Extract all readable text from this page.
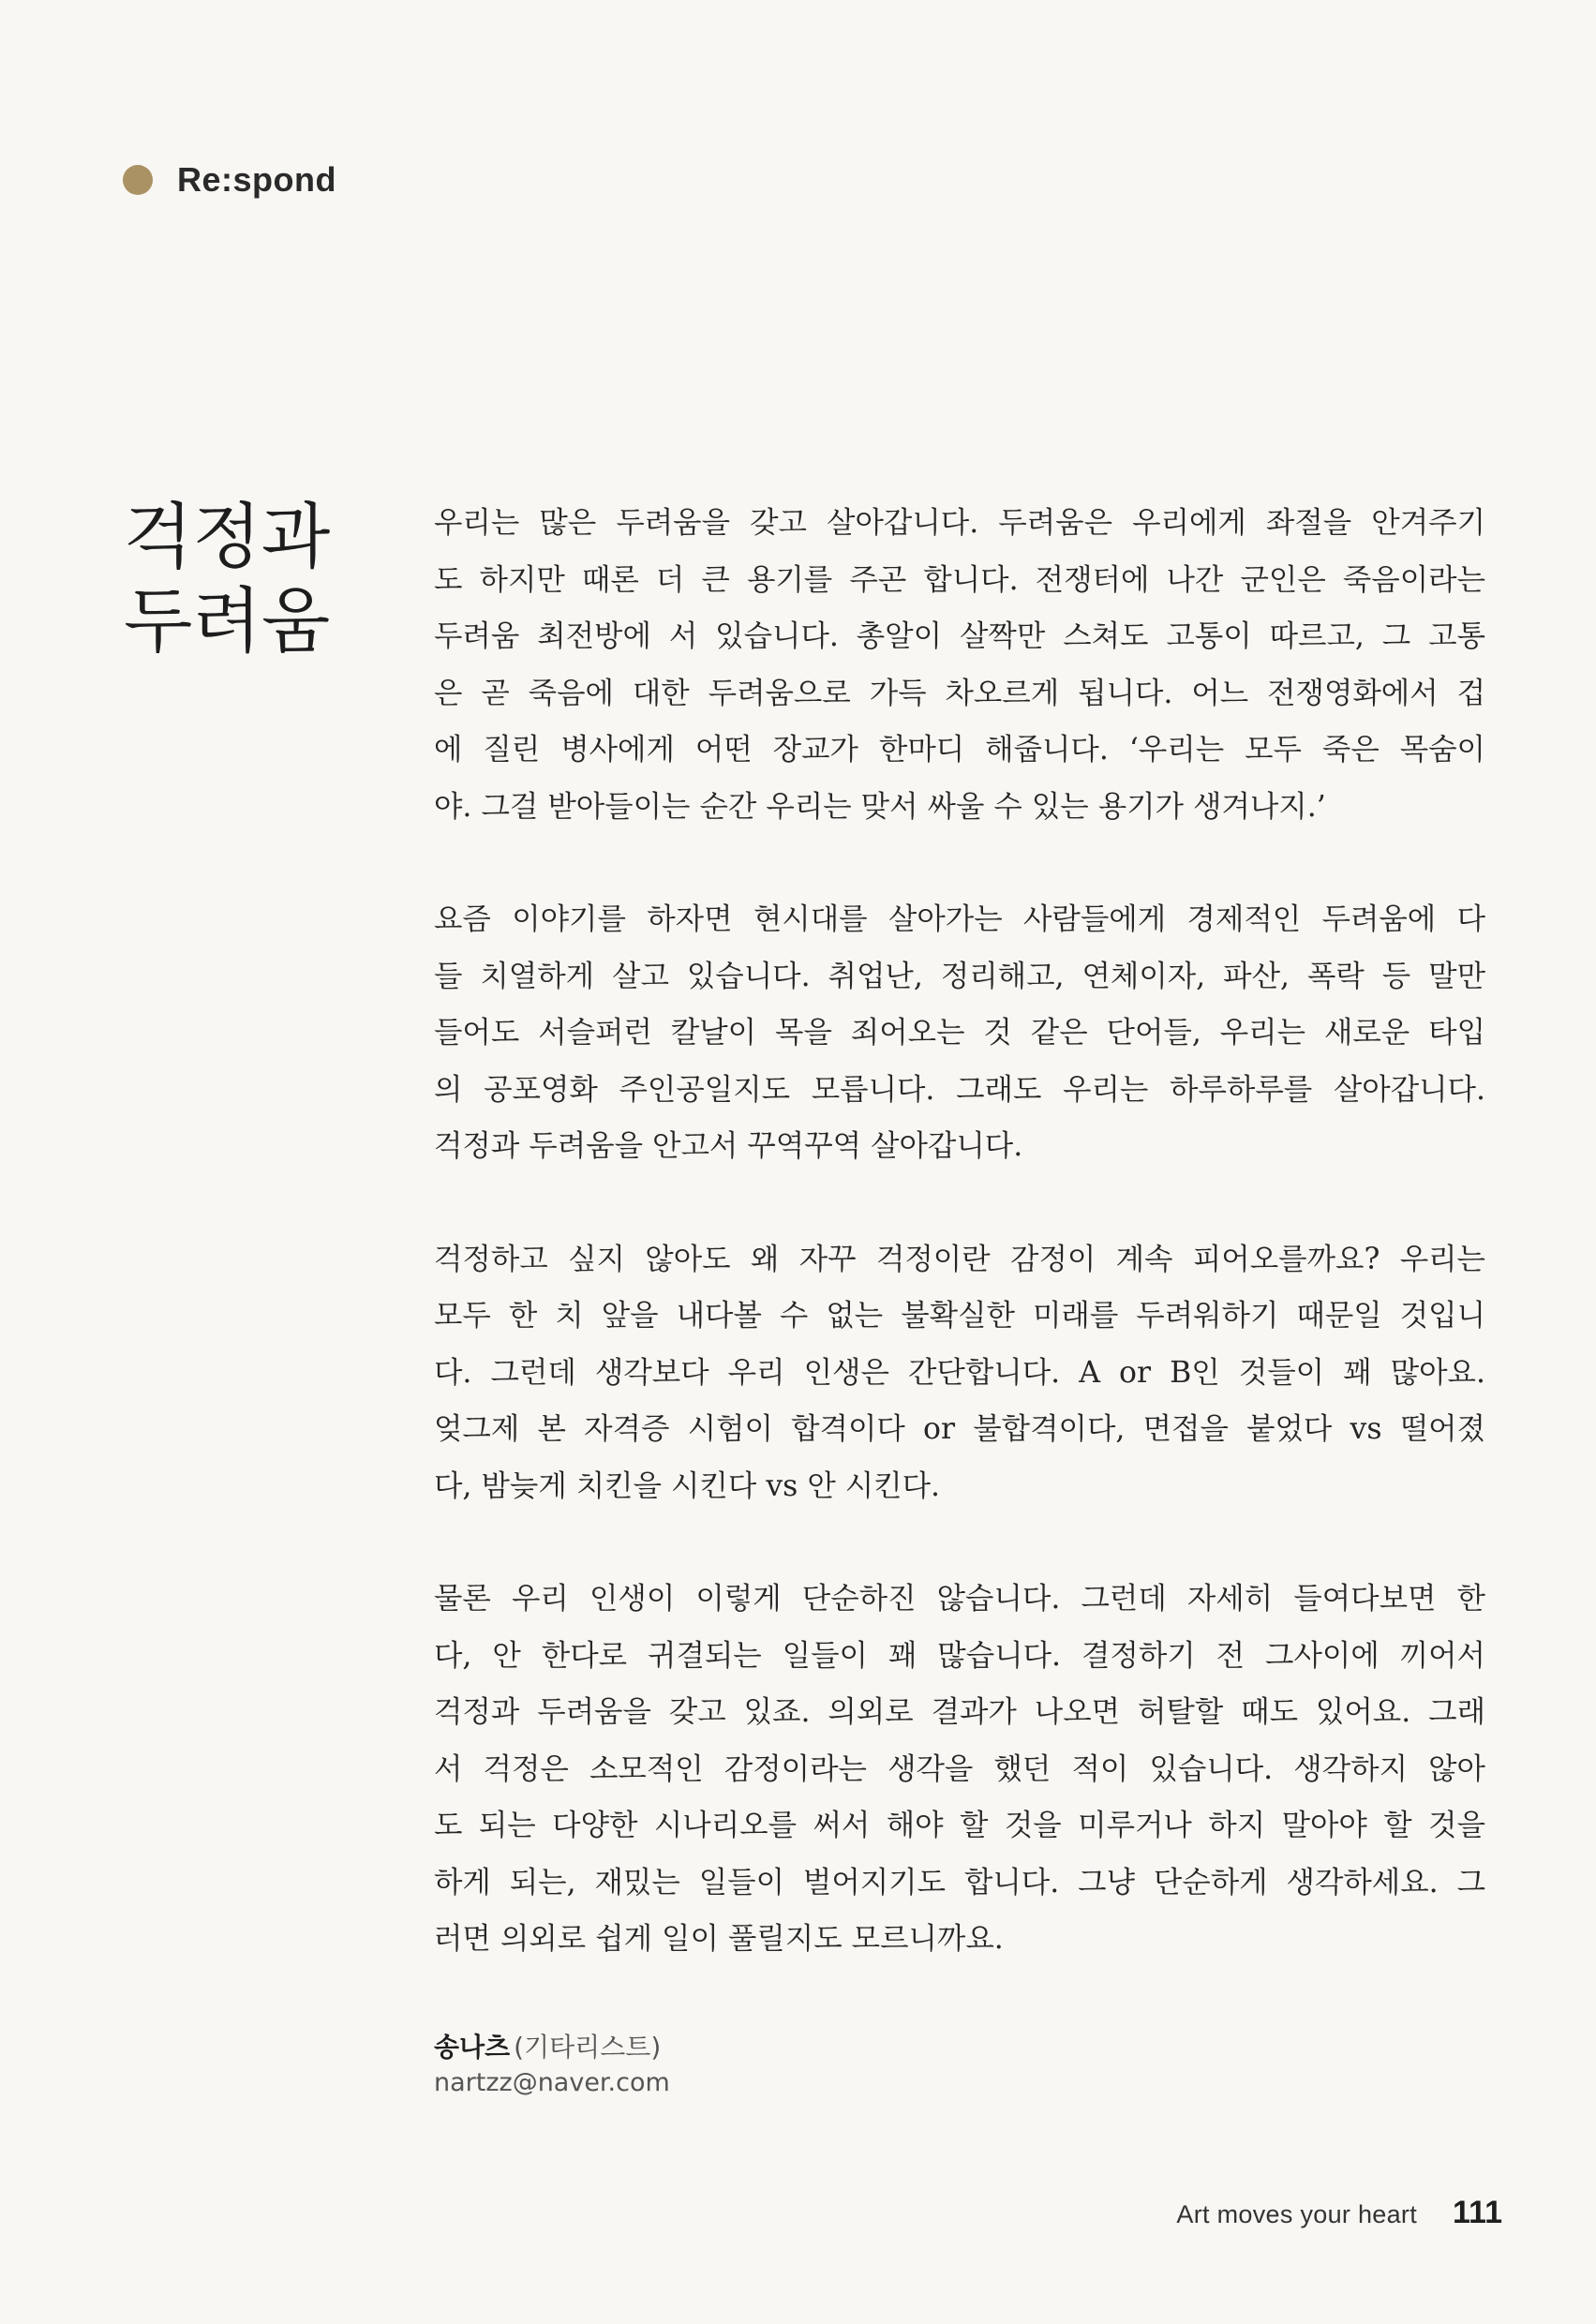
Re:spond
걱정과
두려움
우리는 많은 두려움을 갖고 살아갑니다. 두려움은 우리에게 좌절을 안겨주기
도 하지만 때론 더 큰 용기를 주곤 합니다. 전쟁터에 나간 군인은 죽음이라는
두려움 최전방에 서 있습니다. 총알이 살짝만 스쳐도 고통이 따르고, 그 고통
은 곧 죽음에 대한 두려움으로 가득 차오르게 됩니다. 어느 전쟁영화에서 겁
에 질린 병사에게 어떤 장교가 한마디 해줍니다. ‘우리는 모두 죽은 목숨이
야. 그걸 받아들이는 순간 우리는 맞서 싸울 수 있는 용기가 생겨나지.’
요즘 이야기를 하자면 현시대를 살아가는 사람들에게 경제적인 두려움에 다
들 치열하게 살고 있습니다. 취업난, 정리해고, 연체이자, 파산, 폭락 등 말만
들어도 서슬퍼런 칼날이 목을 죄어오는 것 같은 단어들, 우리는 새로운 타입
의 공포영화 주인공일지도 모릅니다. 그래도 우리는 하루하루를 살아갑니다.
걱정과 두려움을 안고서 꾸역꾸역 살아갑니다.
걱정하고 싶지 않아도 왜 자꾸 걱정이란 감정이 계속 피어오를까요? 우리는
모두 한 치 앞을 내다볼 수 없는 불확실한 미래를 두려워하기 때문일 것입니
다. 그런데 생각보다 우리 인생은 간단합니다. A or B인 것들이 꽤 많아요.
엊그제 본 자격증 시험이 합격이다 or 불합격이다, 면접을 붙었다 vs 떨어졌
다, 밤늦게 치킨을 시킨다 vs 안 시킨다.
물론 우리 인생이 이렇게 단순하진 않습니다. 그런데 자세히 들여다보면 한
다, 안 한다로 귀결되는 일들이 꽤 많습니다. 결정하기 전 그사이에 끼어서
걱정과 두려움을 갖고 있죠. 의외로 결과가 나오면 허탈할 때도 있어요. 그래
서 걱정은 소모적인 감정이라는 생각을 했던 적이 있습니다. 생각하지 않아
도 되는 다양한 시나리오를 써서 해야 할 것을 미루거나 하지 말아야 할 것을
하게 되는, 재밌는 일들이 벌어지기도 합니다. 그냥 단순하게 생각하세요. 그
러면 의외로 쉽게 일이 풀릴지도 모르니까요.
송나츠 (기타리스트)
nartzz@naver.com
Art moves your heart 111
